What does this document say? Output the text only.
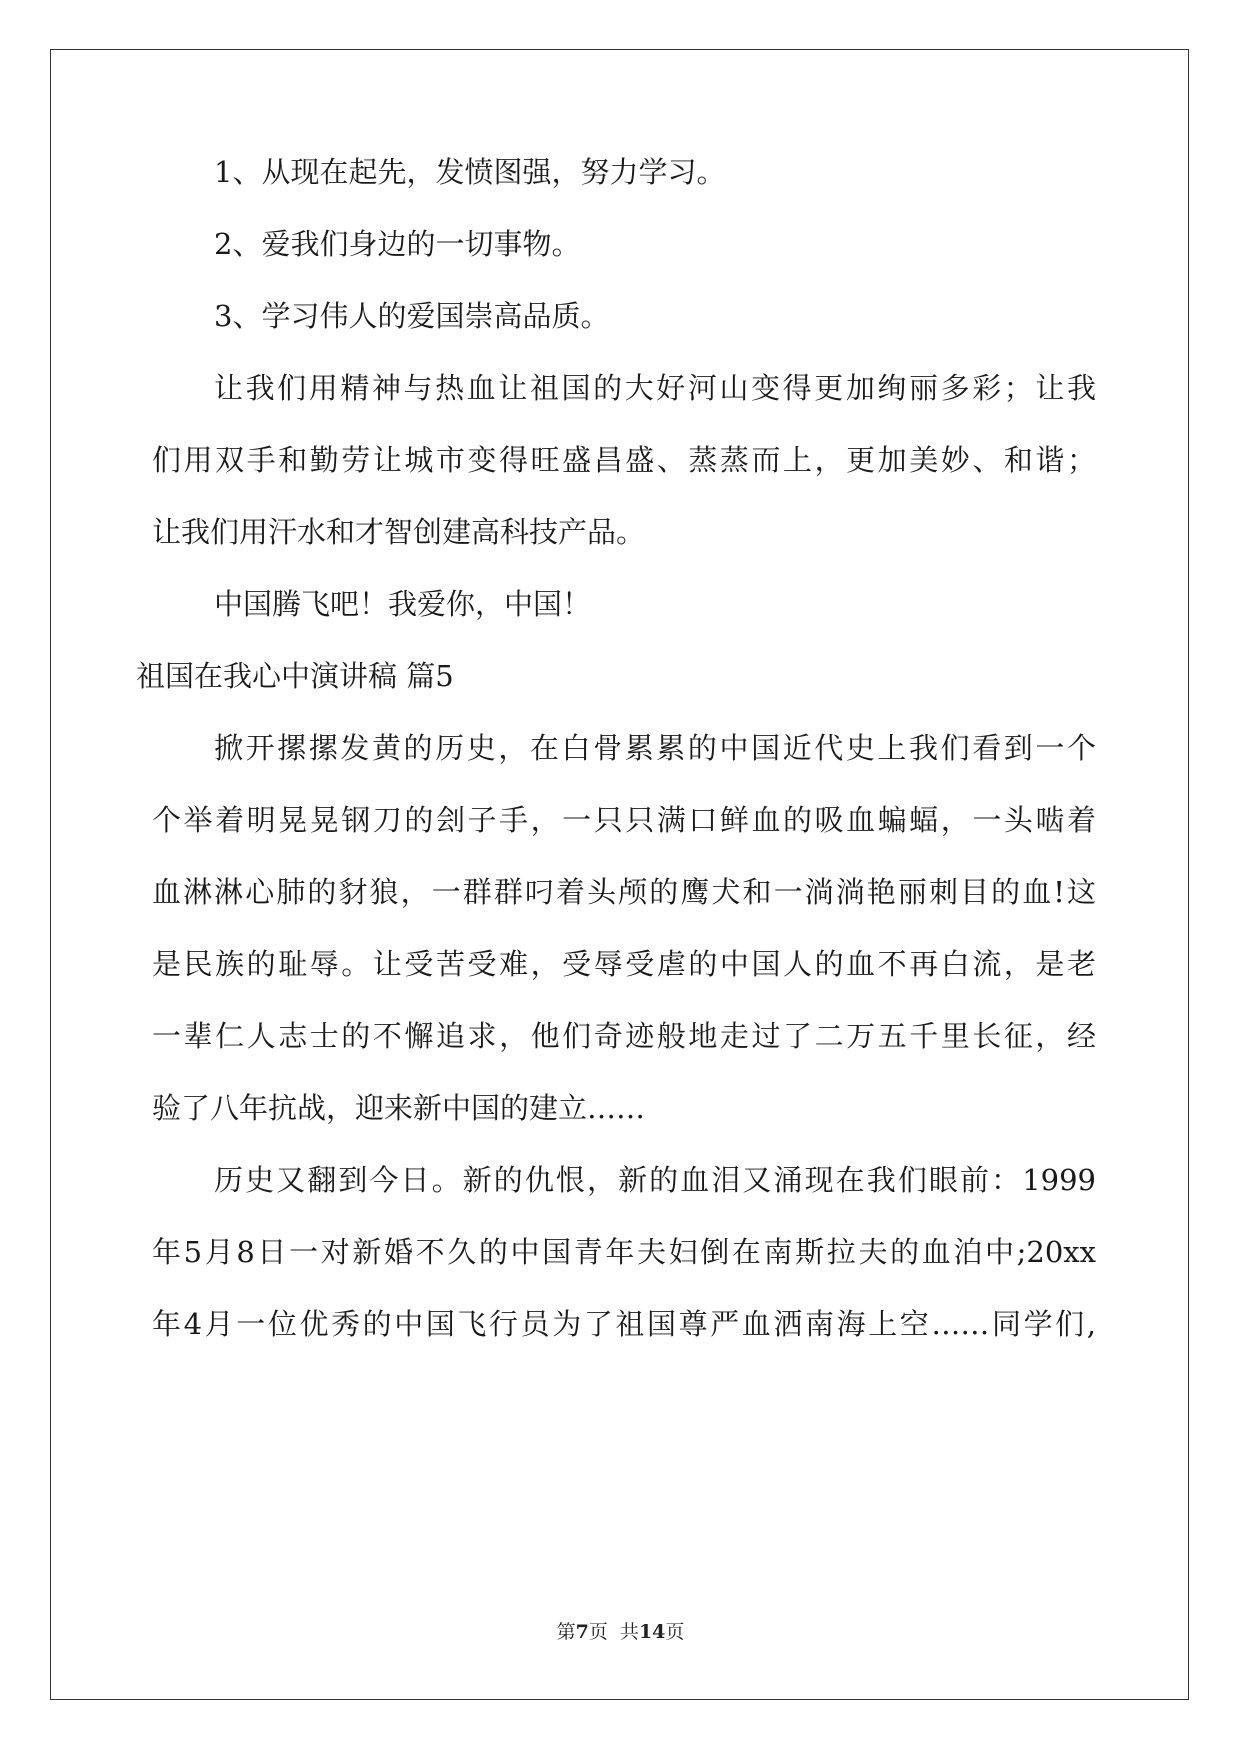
1、从现在起先，发愤图强，努力学习。
2、爱我们身边的一切事物。
3、学习伟人的爱国崇高品质。
让我们用精神与热血让祖国的大好河山变得更加绚丽多彩；让我
们用双手和勤劳让城市变得旺盛昌盛、蒸蒸而上，更加美妙、和谐；
让我们用汗水和才智创建高科技产品。
中国腾飞吧！我爱你，中国！
祖国在我心中演讲稿 篇5
掀开摞摞发黄的历史，在白骨累累的中国近代史上我们看到一个
个举着明晃晃钢刀的刽子手，一只只满口鲜血的吸血蝙蝠，一头啮着
血淋淋心肺的豺狼，一群群叼着头颅的鹰犬和一淌淌艳丽刺目的血!这
是民族的耻辱。让受苦受难，受辱受虐的中国人的血不再白流，是老
一辈仁人志士的不懈追求，他们奇迹般地走过了二万五千里长征，经
验了八年抗战，迎来新中国的建立……
历史又翻到今日。新的仇恨，新的血泪又涌现在我们眼前：1999
年5月8日一对新婚不久的中国青年夫妇倒在南斯拉夫的血泊中;20xx
年4月一位优秀的中国飞行员为了祖国尊严血洒南海上空……同学们,
第7页  共14页
